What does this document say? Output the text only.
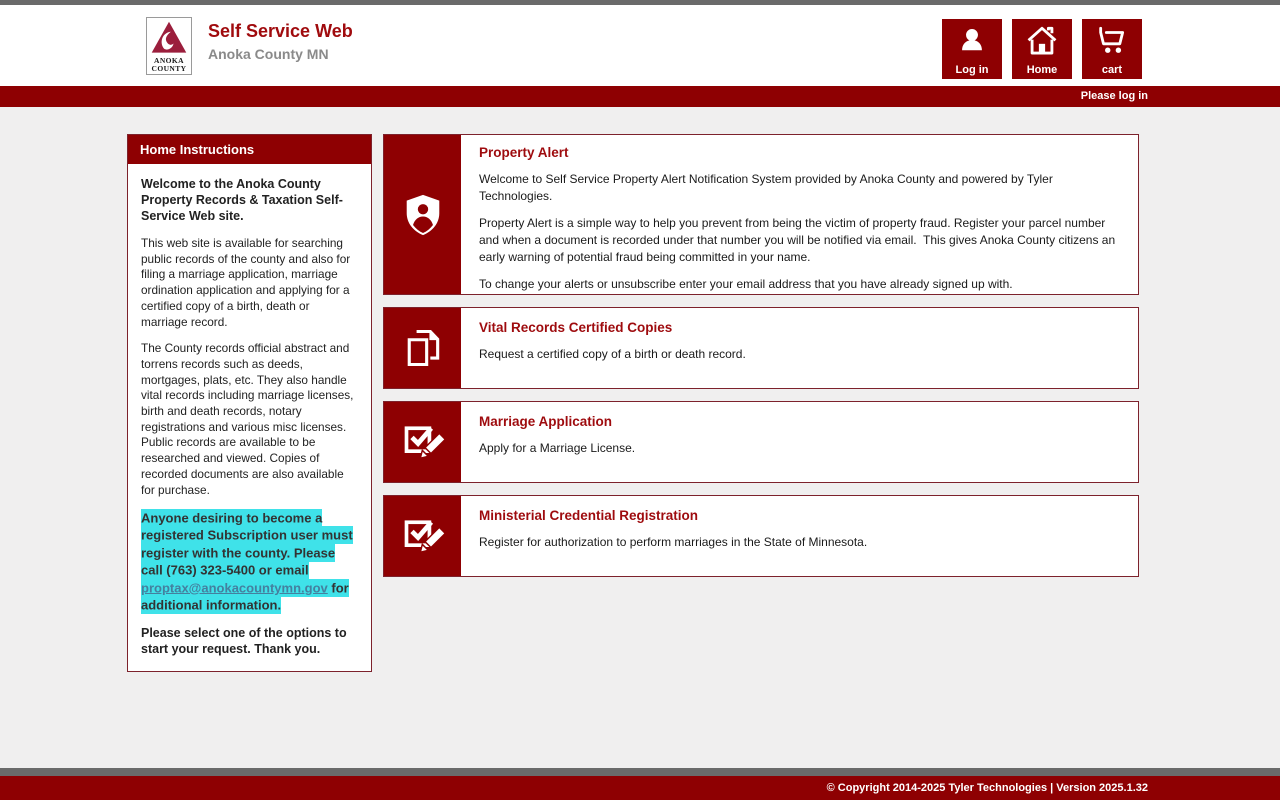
ANOKA
COUNTY
Self Service Web
Anoka County MN
Log in	Home	cart
Please log in
Home Instructions

Welcome to the Anoka County Property Records & Taxation Self-Service Web site.

This web site is available for searching public records of the county and also for filing a marriage application, marriage ordination application and applying for a certified copy of a birth, death or marriage record.

The County records official abstract and torrens records such as deeds, mortgages, plats, etc. They also handle vital records including marriage licenses, birth and death records, notary registrations and various misc licenses. Public records are available to be researched and viewed. Copies of recorded documents are also available for purchase.

Anyone desiring to become a registered Subscription user must register with the county. Please call (763) 323-5400 or email proptax@anokacountymn.gov for additional information.

Please select one of the options to start your request. Thank you.

Property Alert

Welcome to Self Service Property Alert Notification System provided by Anoka County and powered by Tyler Technologies.

Property Alert is a simple way to help you prevent from being the victim of property fraud. Register your parcel number and when a document is recorded under that number you will be notified via email.  This gives Anoka County citizens an early warning of potential fraud being committed in your name.

To change your alerts or unsubscribe enter your email address that you have already signed up with.

Vital Records Certified Copies

Request a certified copy of a birth or death record.

Marriage Application

Apply for a Marriage License.

Ministerial Credential Registration

Register for authorization to perform marriages in the State of Minnesota.

© Copyright 2014-2025 Tyler Technologies | Version 2025.1.32
